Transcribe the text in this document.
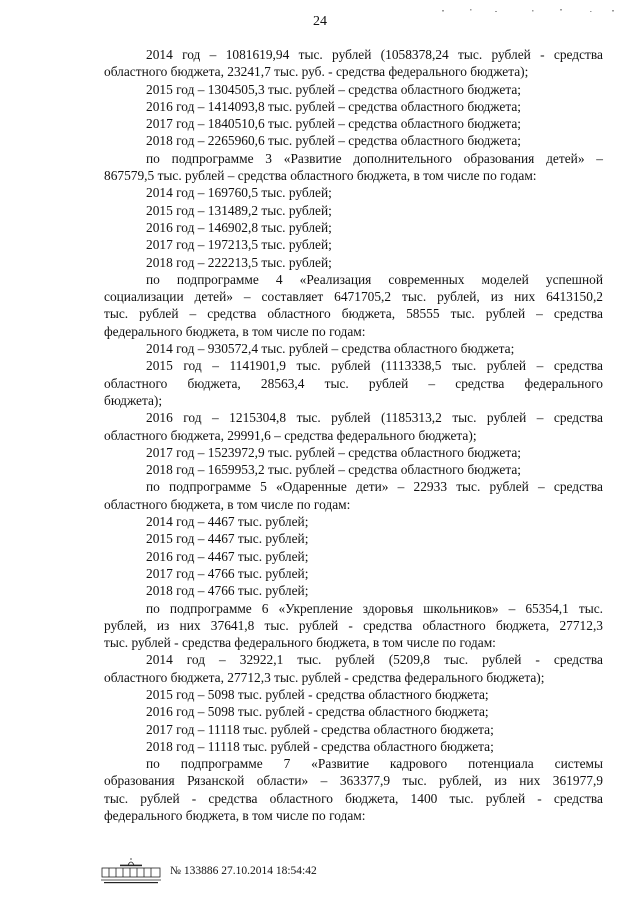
24
2014 год – 1081619,94 тыс. рублей (1058378,24 тыс. рублей - средства
областного бюджета, 23241,7 тыс. руб. - средства федерального бюджета);
2015 год – 1304505,3 тыс. рублей – средства областного бюджета;
2016 год – 1414093,8 тыс. рублей – средства областного бюджета;
2017 год – 1840510,6 тыс. рублей – средства областного бюджета;
2018 год – 2265960,6 тыс. рублей – средства областного бюджета;
по подпрограмме 3 «Развитие дополнительного образования детей» –
867579,5 тыс. рублей – средства областного бюджета, в том числе по годам:
2014 год – 169760,5 тыс. рублей;
2015 год – 131489,2 тыс. рублей;
2016 год – 146902,8 тыс. рублей;
2017 год – 197213,5 тыс. рублей;
2018 год – 222213,5 тыс. рублей;
по подпрограмме 4 «Реализация современных моделей успешной
социализации детей» – составляет 6471705,2 тыс. рублей, из них 6413150,2
тыс. рублей – средства областного бюджета, 58555 тыс. рублей – средства
федерального бюджета, в том числе по годам:
2014 год – 930572,4 тыс. рублей – средства областного бюджета;
2015 год – 1141901,9 тыс. рублей (1113338,5 тыс. рублей – средства
областного бюджета, 28563,4 тыс. рублей – средства федерального
бюджета);
2016 год – 1215304,8 тыс. рублей (1185313,2 тыс. рублей – средства
областного бюджета, 29991,6 – средства федерального бюджета);
2017 год – 1523972,9 тыс. рублей – средства областного бюджета;
2018 год – 1659953,2 тыс. рублей – средства областного бюджета;
по подпрограмме 5 «Одаренные дети» – 22933 тыс. рублей – средства
областного бюджета, в том числе по годам:
2014 год – 4467 тыс. рублей;
2015 год – 4467 тыс. рублей;
2016 год – 4467 тыс. рублей;
2017 год – 4766 тыс. рублей;
2018 год – 4766 тыс. рублей;
по подпрограмме 6 «Укрепление здоровья школьников» – 65354,1 тыс.
рублей, из них 37641,8 тыс. рублей - средства областного бюджета, 27712,3
тыс. рублей - средства федерального бюджета, в том числе по годам:
2014 год – 32922,1 тыс. рублей (5209,8 тыс. рублей - средства
областного бюджета, 27712,3 тыс. рублей - средства федерального бюджета);
2015 год – 5098 тыс. рублей - средства областного бюджета;
2016 год – 5098 тыс. рублей - средства областного бюджета;
2017 год – 11118 тыс. рублей - средства областного бюджета;
2018 год – 11118 тыс. рублей - средства областного бюджета;
по подпрограмме 7 «Развитие кадрового потенциала системы
образования Рязанской области» – 363377,9 тыс. рублей, из них 361977,9
тыс. рублей - средства областного бюджета, 1400 тыс. рублей - средства
федерального бюджета, в том числе по годам:
№ 133886 27.10.2014 18:54:42
